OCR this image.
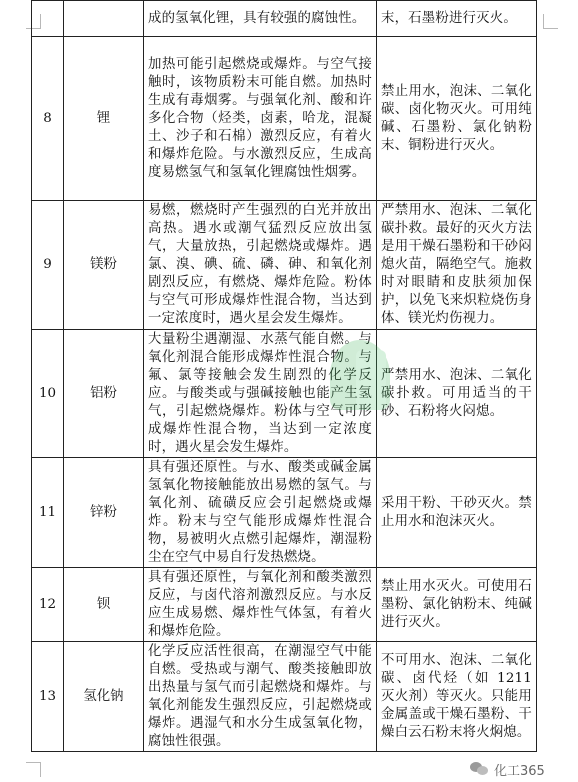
		成的氢氧化锂，具有较强的腐蚀性。	末，石墨粉进行灭火。
8	锂	加热可能引起燃烧或爆炸。与空气接触时，该物质粉末可能自燃。加热时生成有毒烟雾。与强氧化剂、酸和许多化合物（烃类，卤素，哈龙，混凝土、沙子和石棉）激烈反应，有着火和爆炸危险。与水激烈反应，生成高度易燃氢气和氢氧化锂腐蚀性烟雾。	禁止用水，泡沫、二氧化碳、卤化物灭火。可用纯碱、石墨粉、氯化钠粉末、铜粉进行灭火。
9	镁粉	易燃，燃烧时产生强烈的白光并放出高热。遇水或潮气猛烈反应放出氢气，大量放热，引起燃烧或爆炸。遇氯、溴、碘、硫、磷、砷、和氧化剂剧烈反应，有燃烧、爆炸危险。粉体与空气可形成爆炸性混合物，当达到一定浓度时，遇火星会发生爆炸。	严禁用水、泡沫、二氧化碳扑救。最好的灭火方法是用干燥石墨粉和干砂闷熄火苗，隔绝空气。施救时对眼睛和皮肤须加保护，以免飞来炽粒烧伤身体、镁光灼伤视力。
10	铝粉	大量粉尘遇潮湿、水蒸气能自燃。与氧化剂混合能形成爆炸性混合物。与氟、氯等接触会发生剧烈的化学反应。与酸类或与强碱接触也能产生氢气，引起燃烧爆炸。粉体与空气可形成爆炸性混合物，当达到一定浓度时，遇火星会发生爆炸。	严禁用水、泡沫、二氧化碳扑救。可用适当的干砂、石粉将火闷熄。
11	锌粉	具有强还原性。与水、酸类或碱金属氢氧化物接触能放出易燃的氢气。与氧化剂、硫磺反应会引起燃烧或爆炸。粉末与空气能形成爆炸性混合物，易被明火点燃引起爆炸，潮湿粉尘在空气中易自行发热燃烧。	采用干粉、干砂灭火。禁止用水和泡沫灭火。
12	钡	具有强还原性，与氧化剂和酸类激烈反应，与卤代溶剂激烈反应。与水反应生成易燃、爆炸性气体氢，有着火和爆炸危险。	禁止用水灭火。可使用石墨粉、氯化钠粉末、纯碱进行灭火。
13	氢化钠	化学反应活性很高，在潮湿空气中能自燃。受热或与潮气、酸类接触即放出热量与氢气而引起燃烧和爆炸。与氧化剂能发生强烈反应，引起燃烧或爆炸。遇湿气和水分生成氢氧化物，腐蚀性很强。	不可用水、泡沫、二氧化碳、卤代烃（如 1211 灭火剂）等灭火。只能用金属盖或干燥石墨粉、干燥白云石粉末将火焖熄。
化工365
